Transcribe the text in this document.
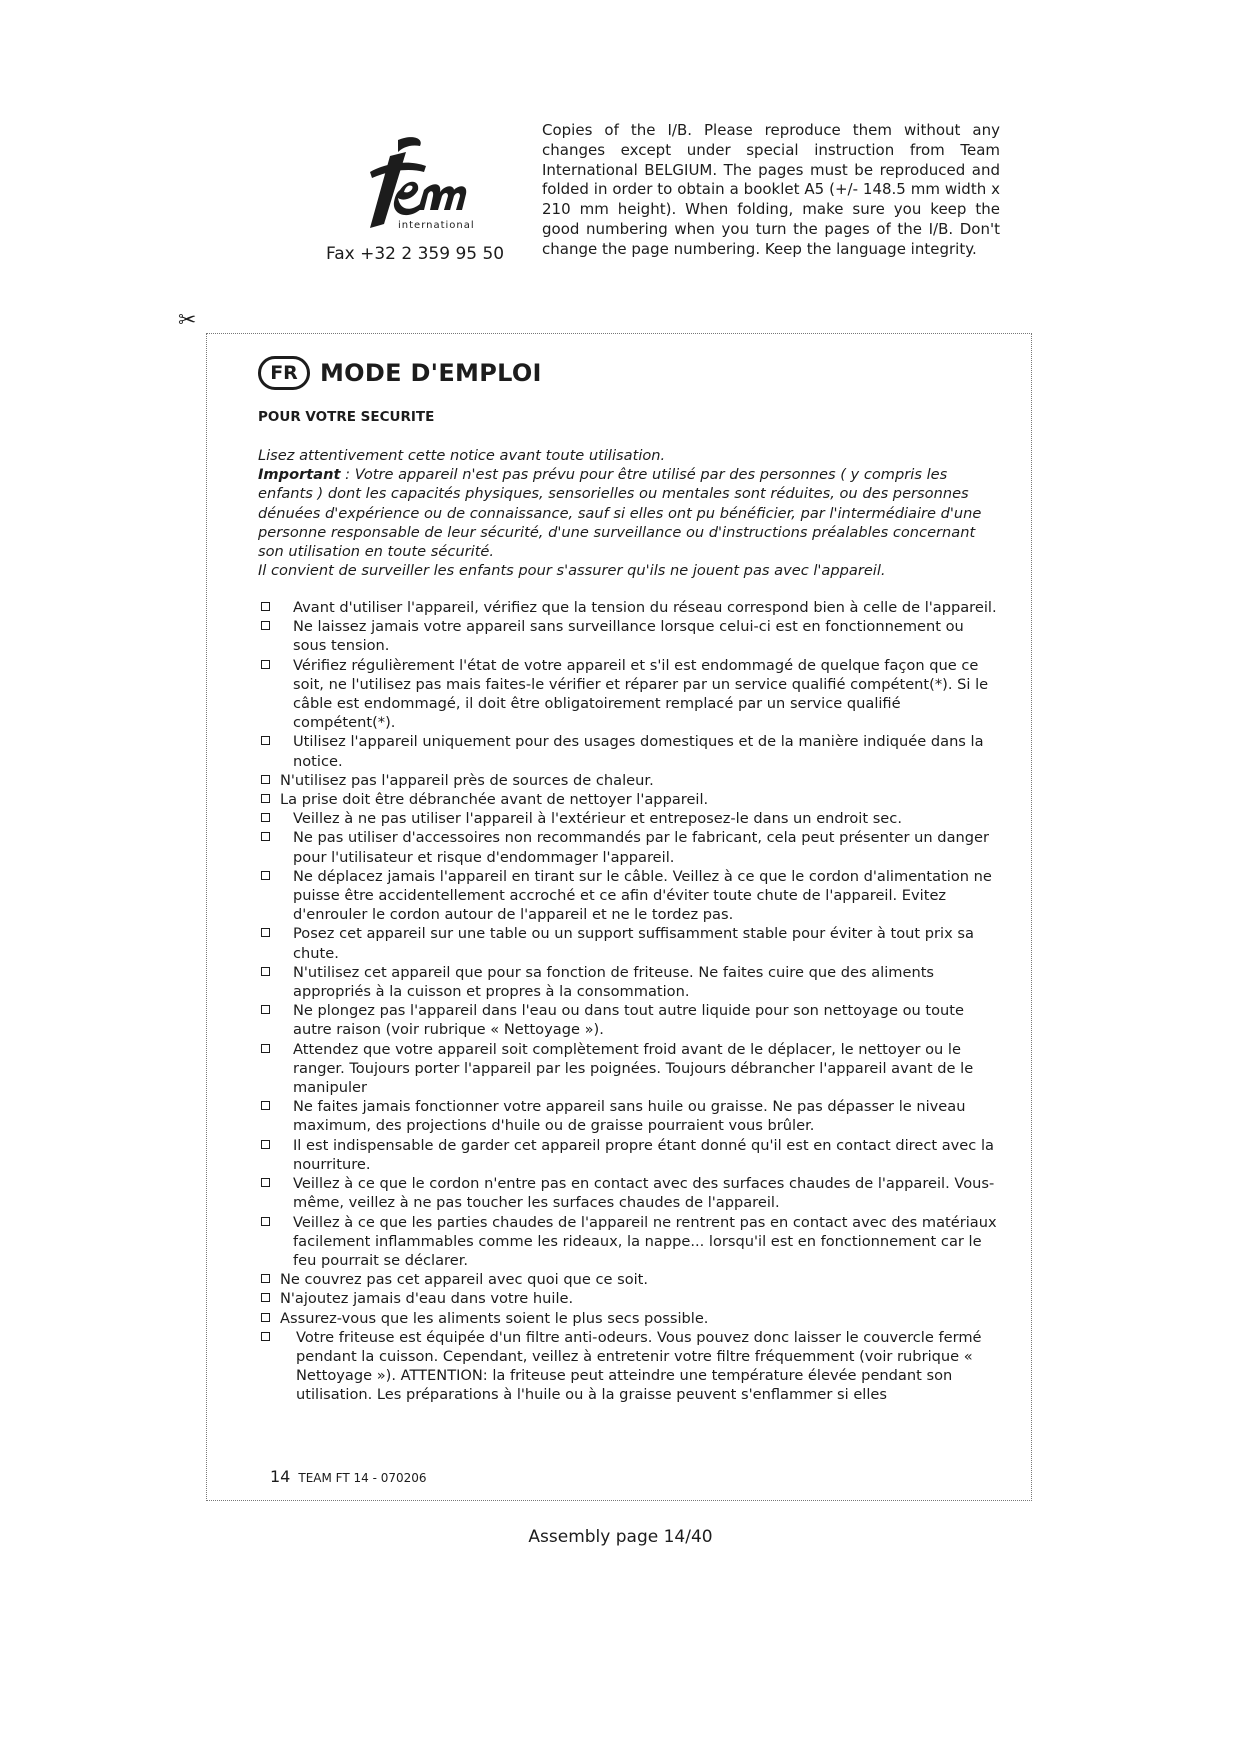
international
Fax +32 2 359 95 50
Copies of the I/B. Please reproduce them without any changes except under special instruction from Team International BELGIUM. The pages must be reproduced and folded in order to obtain a booklet A5 (+/- 148.5 mm width x 210 mm height). When folding, make sure you keep the good numbering when you turn the pages of the I/B. Don't change the page numbering. Keep the language integrity.
✂
FR MODE D'EMPLOI
POUR VOTRE SECURITE

Lisez attentivement cette notice avant toute utilisation.

Important : Votre appareil n'est pas prévu pour être utilisé par des personnes ( y compris les enfants ) dont les capacités physiques, sensorielles ou mentales sont réduites, ou des personnes dénuées d'expérience ou de connaissance, sauf si elles ont pu bénéficier, par l'intermédiaire d'une personne responsable de leur sécurité, d'une surveillance ou d'instructions préalables concernant son utilisation en toute sécurité.

Il convient de surveiller les enfants pour s'assurer qu'ils ne jouent pas avec l'appareil.

Avant d'utiliser l'appareil, vérifiez que la tension du réseau correspond bien à celle de l'appareil.
Ne laissez jamais votre appareil sans surveillance lorsque celui-ci est en fonctionnement ou sous tension.
Vérifiez régulièrement l'état de votre appareil et s'il est endommagé de quelque façon que ce soit, ne l'utilisez pas mais faites-le vérifier et réparer par un service qualifié compétent(*). Si le câble est endommagé, il doit être obligatoirement remplacé par un service qualifié compétent(*).
Utilisez l'appareil uniquement pour des usages domestiques et de la manière indiquée dans la notice.
N'utilisez pas l'appareil près de sources de chaleur.
La prise doit être débranchée avant de nettoyer l'appareil.
Veillez à ne pas utiliser l'appareil à l'extérieur et entreposez-le dans un endroit sec.
Ne pas utiliser d'accessoires non recommandés par le fabricant, cela peut présenter un danger pour l'utilisateur et risque d'endommager l'appareil.
Ne déplacez jamais l'appareil en tirant sur le câble. Veillez à ce que le cordon d'alimentation ne puisse être accidentellement accroché et ce afin d'éviter toute chute de l'appareil. Evitez d'enrouler le cordon autour de l'appareil et ne le tordez pas.
Posez cet appareil sur une table ou un support suffisamment stable pour éviter à tout prix sa chute.
N'utilisez cet appareil que pour sa fonction de friteuse. Ne faites cuire que des aliments appropriés à la cuisson et propres à la consommation.
Ne plongez pas l'appareil dans l'eau ou dans tout autre liquide pour son nettoyage ou toute autre raison (voir rubrique « Nettoyage »).
Attendez que votre appareil soit complètement froid avant de le déplacer, le nettoyer ou le ranger. Toujours porter l'appareil par les poignées. Toujours débrancher l'appareil avant de le manipuler
Ne faites jamais fonctionner votre appareil sans huile ou graisse. Ne pas dépasser le niveau maximum, des projections d'huile ou de graisse pourraient vous brûler.
Il est indispensable de garder cet appareil propre étant donné qu'il est en contact direct avec la nourriture.
Veillez à ce que le cordon n'entre pas en contact avec des surfaces chaudes de l'appareil. Vous-même, veillez à ne pas toucher les surfaces chaudes de l'appareil.
Veillez à ce que les parties chaudes de l'appareil ne rentrent pas en contact avec des matériaux facilement inflammables comme les rideaux, la nappe... lorsqu'il est en fonctionnement car le feu pourrait se déclarer.
Ne couvrez pas cet appareil avec quoi que ce soit.
N'ajoutez jamais d'eau dans votre huile.
Assurez-vous que les aliments soient le plus secs possible.
Votre friteuse est équipée d'un filtre anti-odeurs. Vous pouvez donc laisser le couvercle fermé pendant la cuisson. Cependant, veillez à entretenir votre filtre fréquemment (voir rubrique « Nettoyage »). ATTENTION: la friteuse peut atteindre une température élevée pendant son utilisation. Les préparations à l'huile ou à la graisse peuvent s'enflammer si elles
14 TEAM FT 14 - 070206
Assembly page 14/40
